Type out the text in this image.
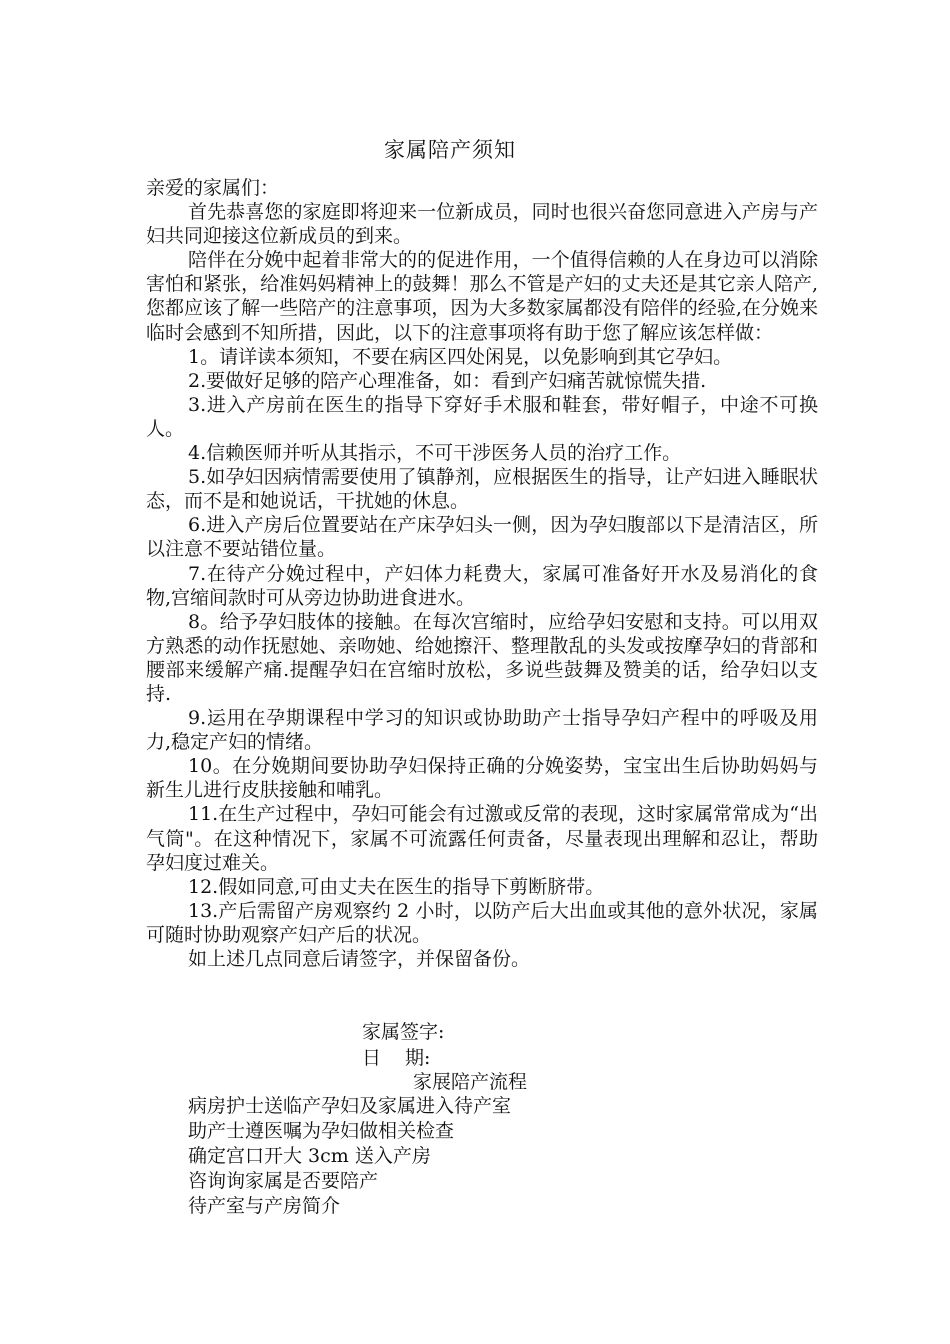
家属陪产须知

亲爱的家属们：

首先恭喜您的家庭即将迎来一位新成员，同时也很兴奋您同意进入产房与产妇共同迎接这位新成员的到来。

陪伴在分娩中起着非常大的的促进作用，一个值得信赖的人在身边可以消除害怕和紧张，给准妈妈精神上的鼓舞！那么不管是产妇的丈夫还是其它亲人陪产,您都应该了解一些陪产的注意事项，因为大多数家属都没有陪伴的经验,在分娩来临时会感到不知所措，因此，以下的注意事项将有助于您了解应该怎样做：

1。请详读本须知，不要在病区四处闲晃，以免影响到其它孕妇。

2.要做好足够的陪产心理准备，如：看到产妇痛苦就惊慌失措.

3.进入产房前在医生的指导下穿好手术服和鞋套，带好帽子，中途不可换人。

4.信赖医师并听从其指示，不可干涉医务人员的治疗工作。

5.如孕妇因病情需要使用了镇静剂，应根据医生的指导，让产妇进入睡眠状态，而不是和她说话，干扰她的休息。

6.进入产房后位置要站在产床孕妇头一侧，因为孕妇腹部以下是清洁区，所以注意不要站错位量。

7.在待产分娩过程中，产妇体力耗费大，家属可准备好开水及易消化的食物,宫缩间款时可从旁边协助进食进水。

8。给予孕妇肢体的接触。在每次宫缩时，应给孕妇安慰和支持。可以用双方熟悉的动作抚慰她、亲吻她、给她擦汗、整理散乱的头发或按摩孕妇的背部和腰部来缓解产痛.提醒孕妇在宫缩时放松，多说些鼓舞及赞美的话，给孕妇以支持.

9.运用在孕期课程中学习的知识或协助助产士指导孕妇产程中的呼吸及用力,稳定产妇的情绪。

10。在分娩期间要协助孕妇保持正确的分娩姿势，宝宝出生后协助妈妈与新生儿进行皮肤接触和哺乳。

11.在生产过程中，孕妇可能会有过激或反常的表现，这时家属常常成为“出气筒"。在这种情况下，家属不可流露任何责备，尽量表现出理解和忍让，帮助孕妇度过难关。

12.假如同意,可由丈夫在医生的指导下剪断脐带。

13.产后需留产房观察约 2 小时，以防产后大出血或其他的意外状况，家属可随时协助观察产妇产后的状况。

如上述几点同意后请签字，并保留备份。

家属签字:
日 期:
家展陪产流程
病房护士送临产孕妇及家属进入待产室
助产士遵医嘱为孕妇做相关检查
确定宫口开大 3cm 送入产房
咨询询家属是否要陪产
待产室与产房简介
